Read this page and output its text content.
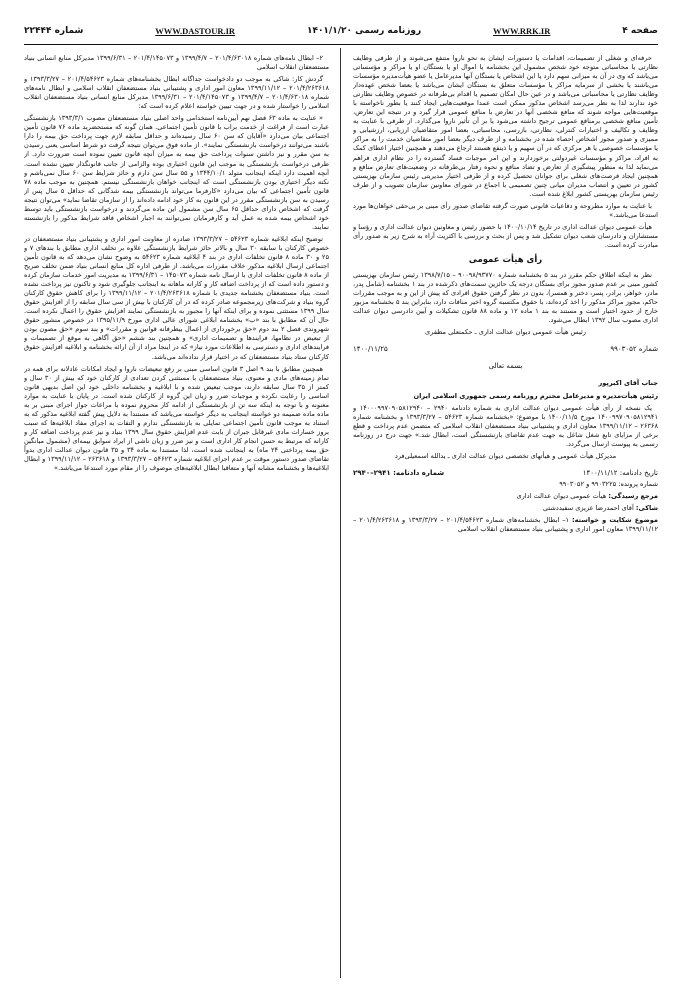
صفحه ۴
WWW.RRK.IR
روزنامه رسمی ۱۴۰۱/۱/۲۰
WWW.DASTOUR.IR
شماره ۲۲۴۴۴

حرفه‌ای و شغلی از تصمیمات، اقدامات یا دستورات ایشان به نحو ناروا متنفع می‌شوند و از طرفی وظایف نظارتی یا محاسباتی متوجه خود شخص مشمول این بخشنامه یا اموال او یا بستگان او یا مراکز و مؤسساتی می‌باشد که وی در آن به میزانی سهم دارد یا این اشخاص یا بستگان آنها مدیرعامل یا عضو هیأت‌مدیره مؤسسات می‌باشند یا بخشی از سرمایه مراکز یا مؤسسات متعلق به بستگان ایشان می‌باشد یا بعضا شخص عهده‌دار وظایف نظارتی یا محاسباتی می‌باشد و در عین حال امکان تصمیم یا اقدام بی‌طرفانه در خصوص وظایف نظارتی خود ندارند لذا به نظر می‌رسد اشخاص مذکور ممکن است عمدا موقعیت‌هایی ایجاد کنند یا بطور ناخواسته با موقعیت‌هایی مواجه شوند که منافع شخصی آنها در تعارض با منافع عمومی قرار گیرد و در نتیجه این تعارض، تأمین منافع شخصی برمنافع عمومی ترجیح داشته می‌شود یا بر آن تأثیر ناروا می‌گذارد. از طرفی با عنایت به وظایف و تکالیف و اختیارات کنترلی، نظارتی، بازرسی، محاسباتی، بعضا امور متقاضیان ارزیابی، ارزشیابی و ممیزی و صدور مجوز اشخاص احصاء شده در بخشنامه و از طرف دیگر بعضا امور متقاضیان خدمت را به مراکز یا مؤسسات خصوصی یا هر مرکزی که در آن سهیم و یا ذینفع هستند ارجاع می‌دهند و همچنین اختیار اعطای کمک به افراد، مراکز و مؤسسات غیردولتی برخوردارند و این امر موجبات فساد گسترده را در نظام اداری فراهم می‌نماید لذا به منظور پیشگیری از تعارض و تضاد منافع و نحوه رفتار بی‌طرفانه در وضعیت‌های تعارض منافع و همچنین ایجاد فرصت‌های شغلی برای جوانان تحصیل کرده و از طرفی اختیار مدیریتی رئیس سازمان بهزیستی کشور در تعیین و انتصاب مدیران میانی چنین تصمیمی با اجماع در شورای معاونین سازمان تصویب و از طرف رئیس سازمان بهزیستی کشور ابلاغ شده است.

با عنایت به موارد مطروحه و دفاعیات قانونی صورت گرفته تقاضای صدور رأی مبنی بر بی‌حقی خواهان‌ها مورد استدعا می‌باشد.»

هیأت عمومی دیوان عدالت اداری در تاریخ ۱۴۰۰/۱۰/۱۴ با حضور رئیس و معاونین دیوان عدالت اداری و رؤسا و مستشاران و دادرسان شعب دیوان تشکیل شد و پس از بحث و بررسی با اکثریت آراء به شرح زیر به صدور رأی مبادرت کرده است.

رأی هیأت عمومی

نظر به اینکه اطلاق حکم مقرر در بند ۵ بخشنامه شماره ۹۰۰۹۸/۹۳۷۷۰ – ۱۳۹۸/۷/۱۵ رئیس سازمان بهزیستی کشور مبنی بر عدم صدور مجوز برای بستگان درجه یک حائزین سمت‌های ذکرشده در بند ۱ بخشنامه (شامل پدر، مادر، خواهر، برادر، پسر، دختر و همسر)، بدون در نظر گرفتن حقوق افرادی که پیش از این و به موجب مقررات حاکم، مجوز مراکز مذکور را اخذ کرده‌اند، با حقوق مکتسبه گروه اخیر منافات دارد، بنابراین بند ۵ بخشنامه مزبور خارج از حدود اختیار است و مستند به بند ۱ ماده ۱۲ و ماده ۸۸ قانون تشکیلات و آیین دادرسی دیوان عدالت اداری مصوب سال ۱۳۹۲ ابطال می‌شود.

رئیس هیأت عمومی دیوان عدالت اداری ـ حکمتعلی مظفری
شماره ۹۹۰۳۰۵۲
۱۴۰۰/۱۱/۲۵
بسمه تعالی

جناب آقای اکبرپور

رئیس هیأت‌مدیره و مدیرعامل محترم روزنامه رسمی جمهوری اسلامی ایران

یک نسخه از رأی هیأت عمومی دیوان عدالت اداری به شماره دادنامه ۲۹۴۰ – ۱۴۰۰۰۹۹۷۰۹۰۵۸۱۲۹۴۰ و ۱۴۰۰۹۹۷۰۹۰۵۸۱۲۹۴۱ مورخ ۱۴۰۰/۱۱/۵ با موضوع: «بخشنامه شماره ۵۴۶۲۳ – ۱۳۹۳/۳/۲۷ و بخشنامه شماره ۲۶۳۶۸ – ۱۳۹۹/۱۱/۱۲ معاون اداری و پشتیبانی بنیاد مستضعفان انقلاب اسلامی که متضمن عدم پرداخت و قطع برخی از مزایای تابع شغل شاغل به جهت عدم تقاضای بازنشستگی است، ابطال شد.» جهت درج در روزنامه رسمی به پیوست ارسال می‌گردد.

مدیرکل هیأت عمومی و هیأتهای تخصصی دیوان عدالت اداری ـ یدالله اسمعیلی‌فرد
تاریخ دادنامه: ۱۴۰۰/۱۱/۱۲
شماره دادنامه: ۲۹۴۱–۲۹۴۰

شماره پرونده: ۹۹۰۳۲۲۵ و ۹۹۰۳۰۵۲

مرجع رسیدگی: هیأت عمومی دیوان عدالت اداری

شاکی: آقای احمدرضا عزیزی سفیددشتی

موضوع شکایت و خواسته: ۱– ابطال بخشنامه‌های شماره ۲۰۱/۴/۵۴۶۲۳ – ۱۳۹۳/۳/۲۷ و ۲۰۱/۴/۲۶۳۶۱۸ – ۱۳۹۹/۱۱/۱۲ معاون امور اداری و پشتیبانی بنیاد مستضعفان انقلاب اسلامی

۲– ابطال نامه‌های شماره ۲۰۱/۴/۶۳۰۱۸ – ۱۳۹۹/۴/۷ و ۲۰۱/۴/۱۴۵۰۷۳ – ۱۳۹۹/۶/۳۱ مدیرکل منابع انسانی بنیاد مستضعفان انقلاب اسلامی

گردش کار: شاکی به موجب دو دادخواست جداگانه ابطال بخشنامه‌های شماره ۲۰۱/۴/۵۴۶۲۳ – ۱۳۹۳/۳/۲۷ و ۲۰۱/۴/۲۶۳۶۱۸ – ۱۳۹۹/۱۱/۱۲ معاون امور اداری و پشتیبانی بنیاد مستضعفان انقلاب اسلامی و ابطال نامه‌های شماره ۲۰۱/۴/۶۳۰۱۸ – ۱۳۹۹/۴/۷ و ۲۰۱/۴/۱۴۵۰۷۳ – ۱۳۹۹/۶/۳۱ مدیرکل منابع انسانی بنیاد مستضعفان انقلاب اسلامی را خواستار شده و در جهت تبیین خواسته اعلام کرده است که:

« عنایت به ماده ۶۳ فصل نهم آیین‌نامه استخدامی واحد اصلی بنیاد مستضعفان مصوب ۱۳۹۳/۳/۱ بازنشستگی عبارت است از فراغت از خدمت براب با قانون تأمین اجتماعی. همان گونه که مستحضرید ماده ۷۶ قانون تأمین اجتماعی بیان می‌دارد «آقایان که سن ۶۰ سال رسیده‌اند و حداقل سابقه لازم جهت پرداخت حق بیمه را دارا باشند می‌توانند درخواست بازنشستگی نمایند». از ماده فوق می‌توان نتیجه گرفت دو شرط اساسی یعنی رسیدن به سن مقرر و نیز داشتن سنوات پرداخت حق بیمه به میزان آنچه قانون تعیین نموده است ضرورت دارد. از طرفی درخواست بازنشستگی به موجب این قانون اختیاری بوده والزامی از جانب قانونگذار تعیین نشده است. آنچه اهمیت دارد اینکه اینجانب متولد ۱۳۴۴/۱۰/۱ و ۵۵ سال سن دارم و حائز شرایط سن ۶۰ سال نمی‌باشم و نکته دیگر اختیاری بودن بازنشستگی است که اینجانب خواهان بازنشستگی نیستم. همچنین به موجب ماده ۷۸ قانون تأمین اجتماعی که بیان می‌دارد «کارفرما می‌تواند بازنشستگی بیمه شدگانی که حداقل ۵ سال پس از رسیدن به سن بازنشستگی مقرر در این قانون به کار خود ادامه داده‌اند را از سازمان تقاضا نماید» می‌توان نتیجه گرفت که اشخاص دارای حداقل ۶۵ سال سن مشمول این ماده می‌گردند و درخواست بازنشستگی باید توسط خود اشخاص بیمه شده به عمل آید و کارفرمایان نمی‌توانند به اجبار اشخاص فاقد شرایط مذکور را بازنشسته نمایند.

توضیح اینکه ابلاغیه شماره ۵۴۶۲۳ – ۱۳۹۳/۳/۲۷ صادره از معاونت امور اداری و پشتیبانی بنیاد مستضعفان در خصوص کارکنان با سابقه ۳۰ سال و بالاتر حائز شرایط بازنشستگی علاوه بر تخلف اداری مطابق با بندهای ۷ و ۲۵ و ۳۰ ماده ۸ قانون تخلفات اداری در بند ۴ ابلاغیه شماره ۵۴۶۲۳ به وضوح نشان می‌دهد که به قانون تأمین اجتماعی ارسال ابلاغیه مذکور خلاف مقررات می‌باشد. از طرفی اداره کل منابع انسانی بنیاد ضمن تخلف صریح از ماده ۸ قانون تخلفات اداری با ارسال نامه شماره ۱۴۵۰۷۳ – ۱۳۹۹/۶/۳۱ به مدیریت امور خدمات سازمان کرده و دستور داده است که از پرداخت اضافه کار و کارانه ماهانه به اینجانب جلوگیری شود و تاکنون نیز پرداخت نشده است. بنیاد مستضعفان بخشنامه جدیدی با شماره ۲۰۱/۴/۲۶۳۶۱۸ – ۱۳۹۹/۱۱/۱۲ را برای کاهش حقوق کارکنان گروه بنیاد و شرکت‌های زیرمجموعه صادر کرده که در آن کارکنان با بیش از سی سال سابقه را از افزایش حقوق سال ۱۳۹۹ مستثنی نموده و برای اینکه آنها را مجبور به بازنشستگی نمایند افزایش حقوق را اعمال نکرده است. حال آن که مطابق با بند «ب» بخشنامه ابلاغی شورای عالی اداری مورخ ۱۳۹۵/۱۱/۹ در خصوص منشور حقوق شهروندی فصل ۲ بند دوم «حق برخورداری از اعمال بیطرفانه قوانین و مقررات» و بند سوم «حق مصون بودن از تبعیض در نظامها، فرایندها و تصمیمات اداری» و همچنین بند ششم «حق آگاهی به موقع از تصمیمات و فرایندهای اداری و دسترسی به اطلاعات مورد نیاز» که در اینجا مراد از آن ارائه بخشنامه و ابلاغیه افزایش حقوق کارکنان ستاد بنیاد مستضعفان که در اختیار قرار نداده‌اند می‌باشد.

همچنین مطابق با بند ۹ اصل ۳ قانون اساسی مبنی بر رفع تبعیضات ناروا و ایجاد امکانات عادلانه برای همه در تمام زمینه‌های مادی و معنوی، بنیاد مستضعفان با مستثنی کردن تعدادی از کارکنان خود که بیش از ۳۰ سال و کمتر از ۳۵ سال سابقه دارند، موجب تبعیض شده و با ابلاغیه و بخشنامه داخلی خود این اصل بدیهی قانون اساسی را رعایت نکرده و موجبات ضرر و زیان این گروه از کارکنان شده است. در پایان با عنایت به موارد معنونه و با توجه به اینکه سه تن از بازنشستگی از ادامه کار محروم نموده با مراعات جواز اجرای مبنی بر به ماده ماده ضمیمه دو خواسته اینجانب به دیگر خواسته می‌باشد که مستندا به دلایل پیش گفته ابلاغیه مذکور که به استناد به موجب قانون تأمین اجتماعی تمایلی به بازنشستگی ندارم و التفات به اجرای مفاد ابلاغیه‌ها که سبب بروز خسارات مادی غیرقابل جبران از بابت عدم افزایش حقوق سال ۱۳۹۹ بنیاد و نیز عدم پرداخت اضافه کار و کارانه که مرتبط به حسن انجام کار اداری است و نیز ضرر و زیان ناشی از ایراد سوابق بیمه‌ای (مشمول میانگین حق بیمه پرداختی ۲۴ ماه) به اینجانب شده است، لذا مستندا به ماده ۳۴ و ۳۵ قانون دیوان عدالت اداری بدواً تقاضای صدور دستور موقت بر عدم اجرای ابلاغیه شماره ۵۴۶۲۳ – ۱۳۹۳/۳/۲۷ و ۲۶۳۶۱۸ – ۱۳۹۹/۱۱/۱۲ و ابطال ابلاغیه‌ها و بخشنامه مشابه آنها و متعاقبا ابطال ابلاغیه‌های موصوف را از مقام مورد استدعا می‌باشد.»
